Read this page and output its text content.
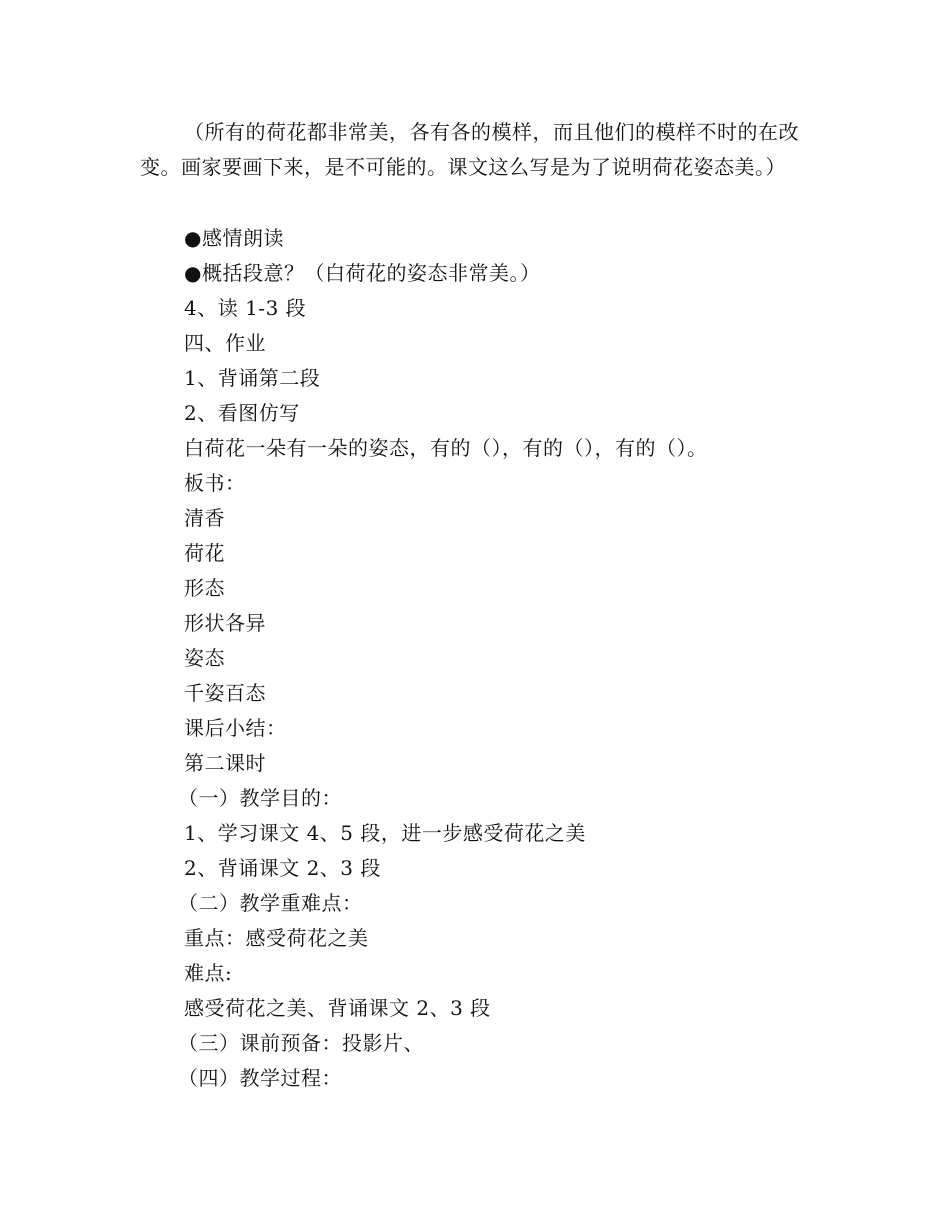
（所有的荷花都非常美，各有各的模样，而且他们的模样不时的在改变。画家要画下来，是不可能的。课文这么写是为了说明荷花姿态美。）

●感情朗读
●概括段意？（白荷花的姿态非常美。）
4、读 1-3 段
四、作业
1、背诵第二段
2、看图仿写
白荷花一朵有一朵的姿态，有的（），有的（），有的（）。
板书：
清香
荷花
形态
形状各异
姿态
千姿百态
课后小结：
第二课时
（一）教学目的：
1、学习课文 4、5 段，进一步感受荷花之美
2、背诵课文 2、3 段
（二）教学重难点：
重点：感受荷花之美
难点:
感受荷花之美、背诵课文 2、3 段
（三）课前预备：投影片、
（四）教学过程：
